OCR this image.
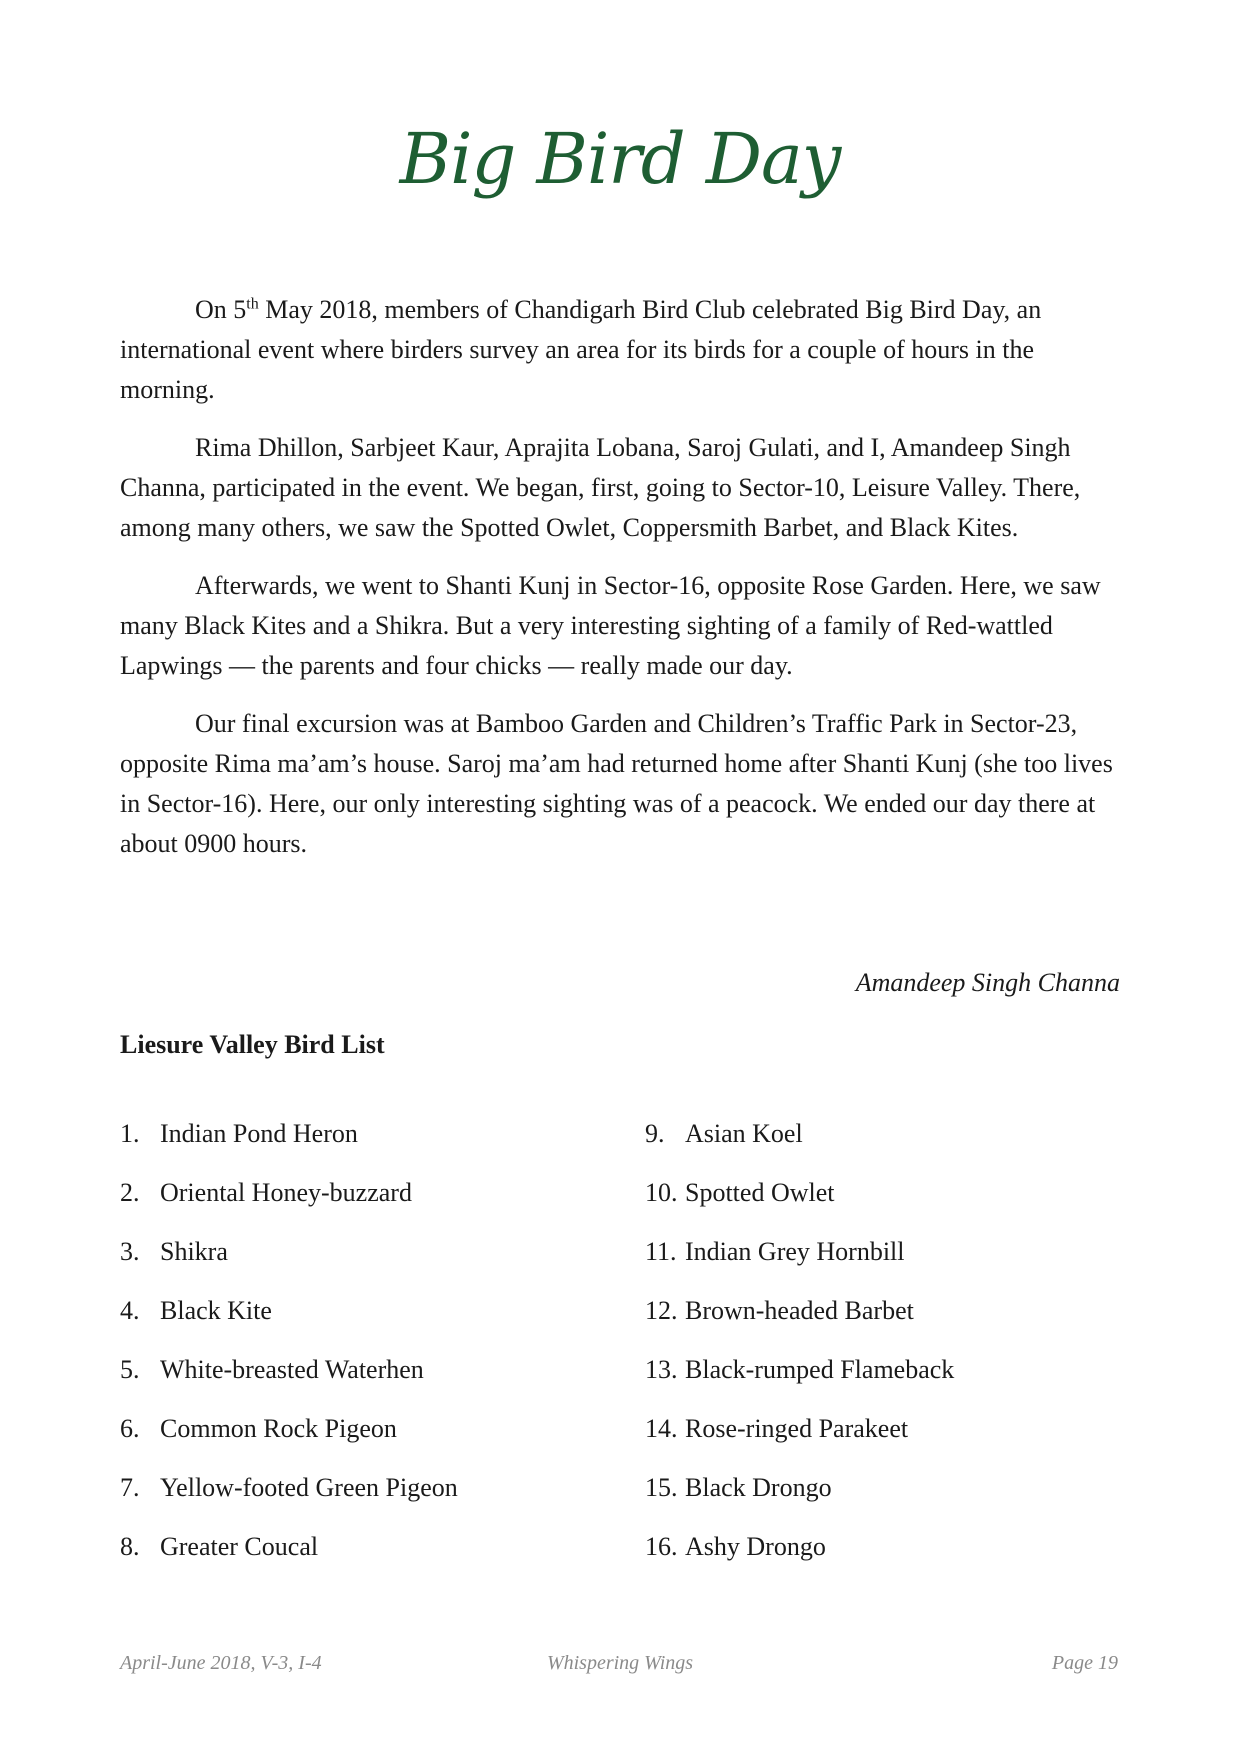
Big Bird Day

On 5th May 2018, members of Chandigarh Bird Club celebrated Big Bird Day, an international event where birders survey an area for its birds for a couple of hours in the morning.

Rima Dhillon, Sarbjeet Kaur, Aprajita Lobana, Saroj Gulati, and I, Amandeep Singh Channa, participated in the event. We began, first, going to Sector-10, Leisure Valley. There, among many others, we saw the Spotted Owlet, Coppersmith Barbet, and Black Kites.

Afterwards, we went to Shanti Kunj in Sector-16, opposite Rose Garden. Here, we saw many Black Kites and a Shikra. But a very interesting sighting of a family of Red-wattled Lapwings — the parents and four chicks — really made our day.

Our final excursion was at Bamboo Garden and Children’s Traffic Park in Sector-23, opposite Rima ma’am’s house. Saroj ma’am had returned home after Shanti Kunj (she too lives in Sector-16). Here, our only interesting sighting was of a peacock. We ended our day there at about 0900 hours.

Amandeep Singh Channa
Liesure Valley Bird List
1. Indian Pond Heron
2. Oriental Honey-buzzard
3. Shikra
4. Black Kite
5. White-breasted Waterhen
6. Common Rock Pigeon
7. Yellow-footed Green Pigeon
8. Greater Coucal
9. Asian Koel
10. Spotted Owlet
11. Indian Grey Hornbill
12. Brown-headed Barbet
13. Black-rumped Flameback
14. Rose-ringed Parakeet
15. Black Drongo
16. Ashy Drongo
April-June 2018, V-3, I-4	Whispering Wings	Page 19
